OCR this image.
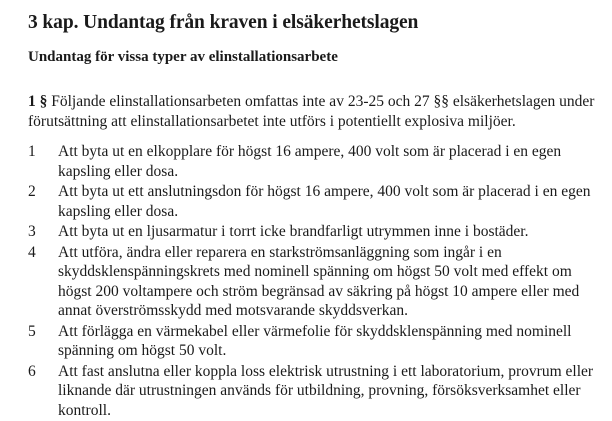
3 kap. Undantag från kraven i elsäkerhetslagen
Undantag för vissa typer av elinstallationsarbete
1 § Följande elinstallationsarbeten omfattas inte av 23-25 och 27 §§ elsäkerhetslagen under förutsättning att elinstallationsarbetet inte utförs i potentiellt explosiva miljöer.
1	Att byta ut en elkopplare för högst 16 ampere, 400 volt som är placerad i en egen kapsling eller dosa.
2	Att byta ut ett anslutningsdon för högst 16 ampere, 400 volt som är placerad i en egen kapsling eller dosa.
3	Att byta ut en ljusarmatur i torrt icke brandfarligt utrymmen inne i bostäder.
4	Att utföra, ändra eller reparera en starkströmsanläggning som ingår i en skyddsklenspänningskrets med nominell spänning om högst 50 volt med effekt om högst 200 voltampere och ström begränsad av säkring på högst 10 ampere eller med annat överströmsskydd med motsvarande skyddsverkan.
5	Att förlägga en värmekabel eller värmefolie för skyddsklenspänning med nominell spänning om högst 50 volt.
6	Att fast anslutna eller koppla loss elektrisk utrustning i ett laboratorium, provrum eller liknande där utrustningen används för utbildning, provning, försöksverksamhet eller kontroll.
